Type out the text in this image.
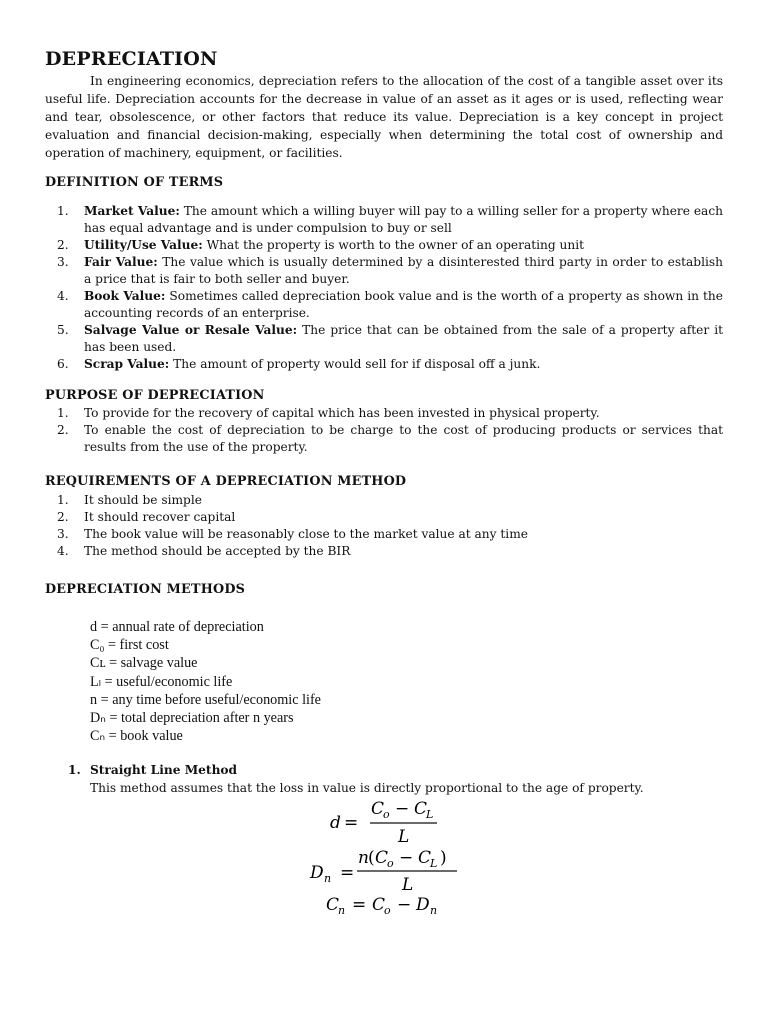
DEPRECIATION

In engineering economics, depreciation refers to the allocation of the cost of a tangible asset over its useful life. Depreciation accounts for the decrease in value of an asset as it ages or is used, reflecting wear and tear, obsolescence, or other factors that reduce its value. Depreciation is a key concept in project evaluation and financial decision-making, especially when determining the total cost of ownership and operation of machinery, equipment, or facilities.

DEFINITION OF TERMS
1. Market Value: The amount which a willing buyer will pay to a willing seller for a property where each has equal advantage and is under compulsion to buy or sell
2. Utility/Use Value: What the property is worth to the owner of an operating unit
3. Fair Value: The value which is usually determined by a disinterested third party in order to establish a price that is fair to both seller and buyer.
4. Book Value: Sometimes called depreciation book value and is the worth of a property as shown in the accounting records of an enterprise.
5. Salvage Value or Resale Value: The price that can be obtained from the sale of a property after it has been used.
6. Scrap Value: The amount of property would sell for if disposal off a junk.
PURPOSE OF DEPRECIATION
1. To provide for the recovery of capital which has been invested in physical property.
2. To enable the cost of depreciation to be charge to the cost of producing products or services that results from the use of the property.
REQUIREMENTS OF A DEPRECIATION METHOD
1. It should be simple
2. It should recover capital
3. The book value will be reasonably close to the market value at any time
4. The method should be accepted by the BIR
DEPRECIATION METHODS
d = annual rate of depreciation
C₀ = first cost
Cʟ = salvage value
Lₗ = useful/economic life
n = any time before useful/economic life
Dₙ = total depreciation after n years
Cₙ = book value
1. Straight Line Method
This method assumes that the loss in value is directly proportional to the age of property.
d =
C
o − C
L
L
D n =
n ( C
o − C
L )
L
C
n = C
o − D n
